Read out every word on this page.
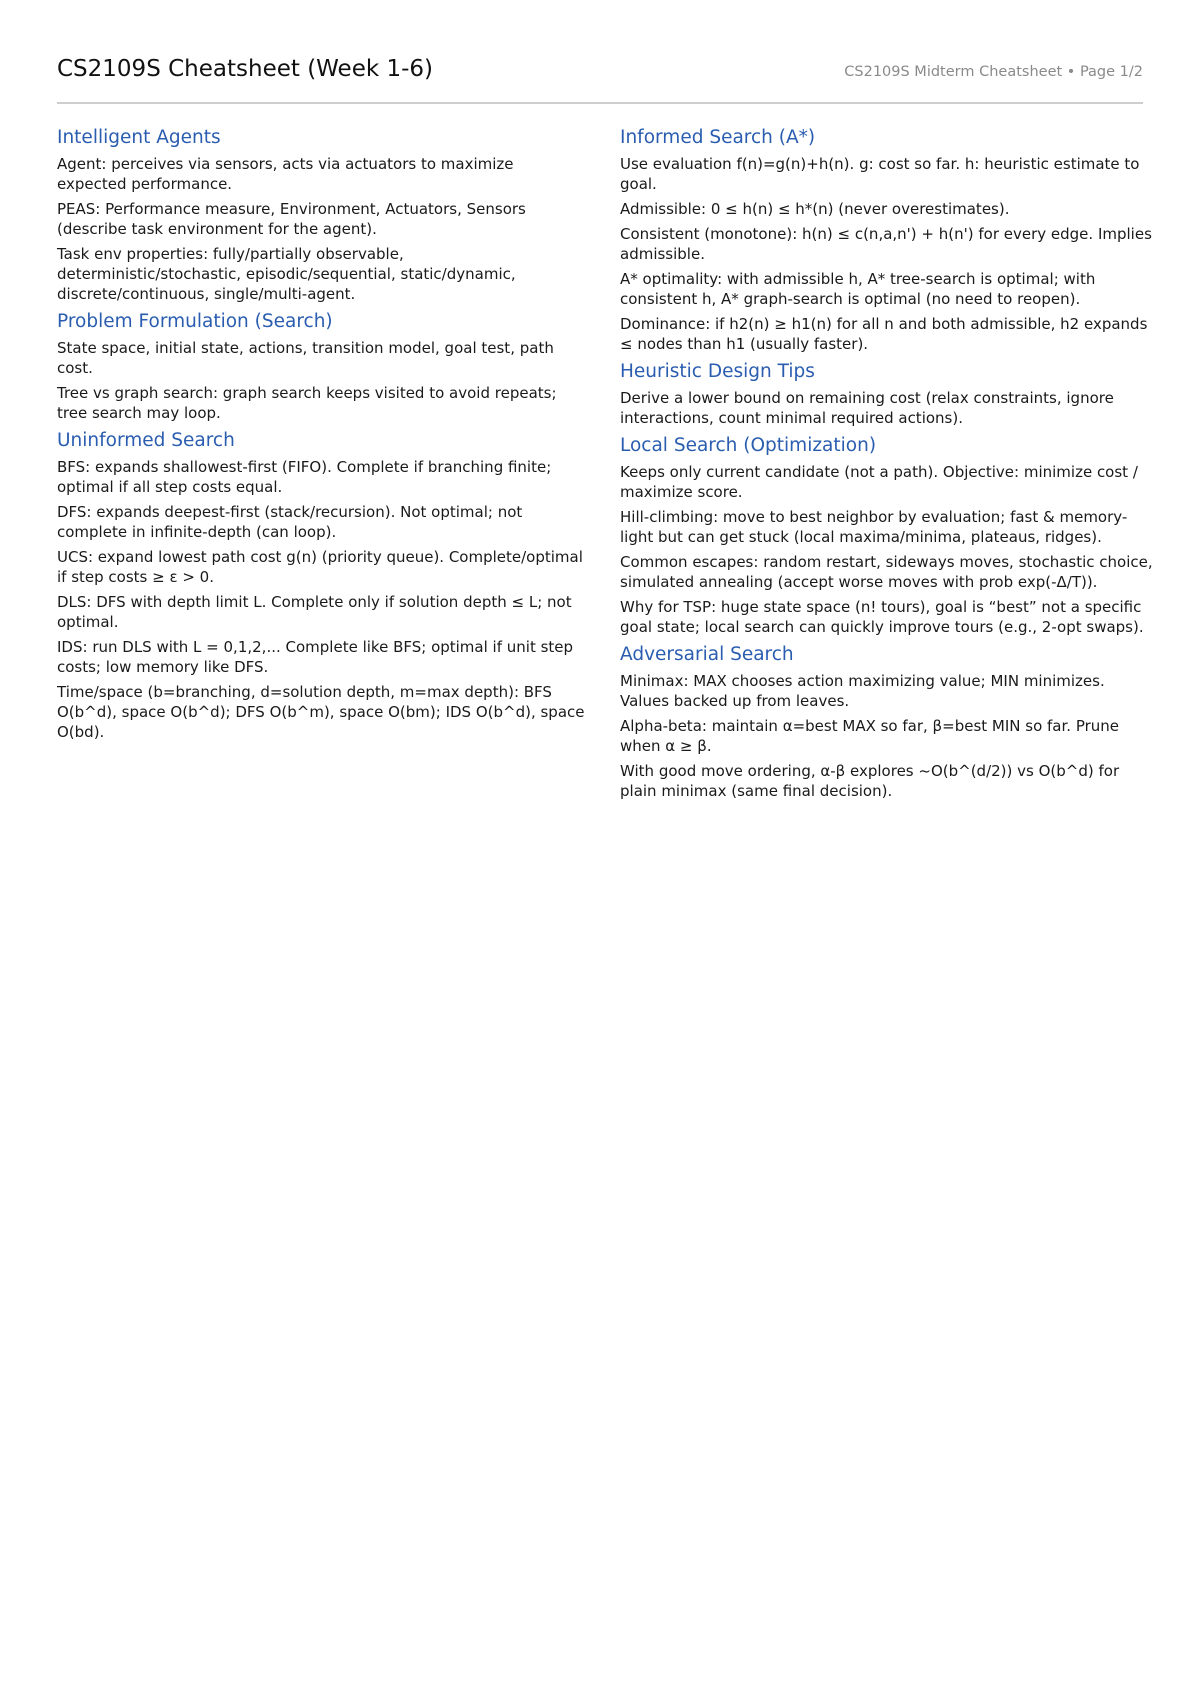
CS2109S Cheatsheet (Week 1-6)	CS2109S Midterm Cheatsheet • Page 1/2
Intelligent Agents

Agent: perceives via sensors, acts via actuators to maximize expected performance.

PEAS: Performance measure, Environment, Actuators, Sensors (describe task environment for the agent).

Task env properties: fully/partially observable, deterministic/stochastic, episodic/sequential, static/dynamic, discrete/continuous, single/multi-agent.

Problem Formulation (Search)

State space, initial state, actions, transition model, goal test, path cost.

Tree vs graph search: graph search keeps visited to avoid repeats; tree search may loop.

Uninformed Search

BFS: expands shallowest-first (FIFO). Complete if branching finite; optimal if all step costs equal.

DFS: expands deepest-first (stack/recursion). Not optimal; not complete in infinite-depth (can loop).

UCS: expand lowest path cost g(n) (priority queue). Complete/optimal if step costs ≥ ε > 0.

DLS: DFS with depth limit L. Complete only if solution depth ≤ L; not optimal.

IDS: run DLS with L = 0,1,2,... Complete like BFS; optimal if unit step costs; low memory like DFS.

Time/space (b=branching, d=solution depth, m=max depth): BFS O(b^d), space O(b^d); DFS O(b^m), space O(bm); IDS O(b^d), space O(bd).

Informed Search (A*)

Use evaluation f(n)=g(n)+h(n). g: cost so far. h: heuristic estimate to goal.

Admissible: 0 ≤ h(n) ≤ h*(n) (never overestimates).

Consistent (monotone): h(n) ≤ c(n,a,n') + h(n') for every edge. Implies admissible.

A* optimality: with admissible h, A* tree-search is optimal; with consistent h, A* graph-search is optimal (no need to reopen).

Dominance: if h2(n) ≥ h1(n) for all n and both admissible, h2 expands ≤ nodes than h1 (usually faster).

Heuristic Design Tips

Derive a lower bound on remaining cost (relax constraints, ignore interactions, count minimal required actions).

Local Search (Optimization)

Keeps only current candidate (not a path). Objective: minimize cost / maximize score.

Hill-climbing: move to best neighbor by evaluation; fast & memory-light but can get stuck (local maxima/minima, plateaus, ridges).

Common escapes: random restart, sideways moves, stochastic choice, simulated annealing (accept worse moves with prob exp(-Δ/T)).

Why for TSP: huge state space (n! tours), goal is “best” not a specific goal state; local search can quickly improve tours (e.g., 2-opt swaps).

Adversarial Search

Minimax: MAX chooses action maximizing value; MIN minimizes. Values backed up from leaves.

Alpha-beta: maintain α=best MAX so far, β=best MIN so far. Prune when α ≥ β.

With good move ordering, α-β explores ~O(b^(d/2)) vs O(b^d) for plain minimax (same final decision).
